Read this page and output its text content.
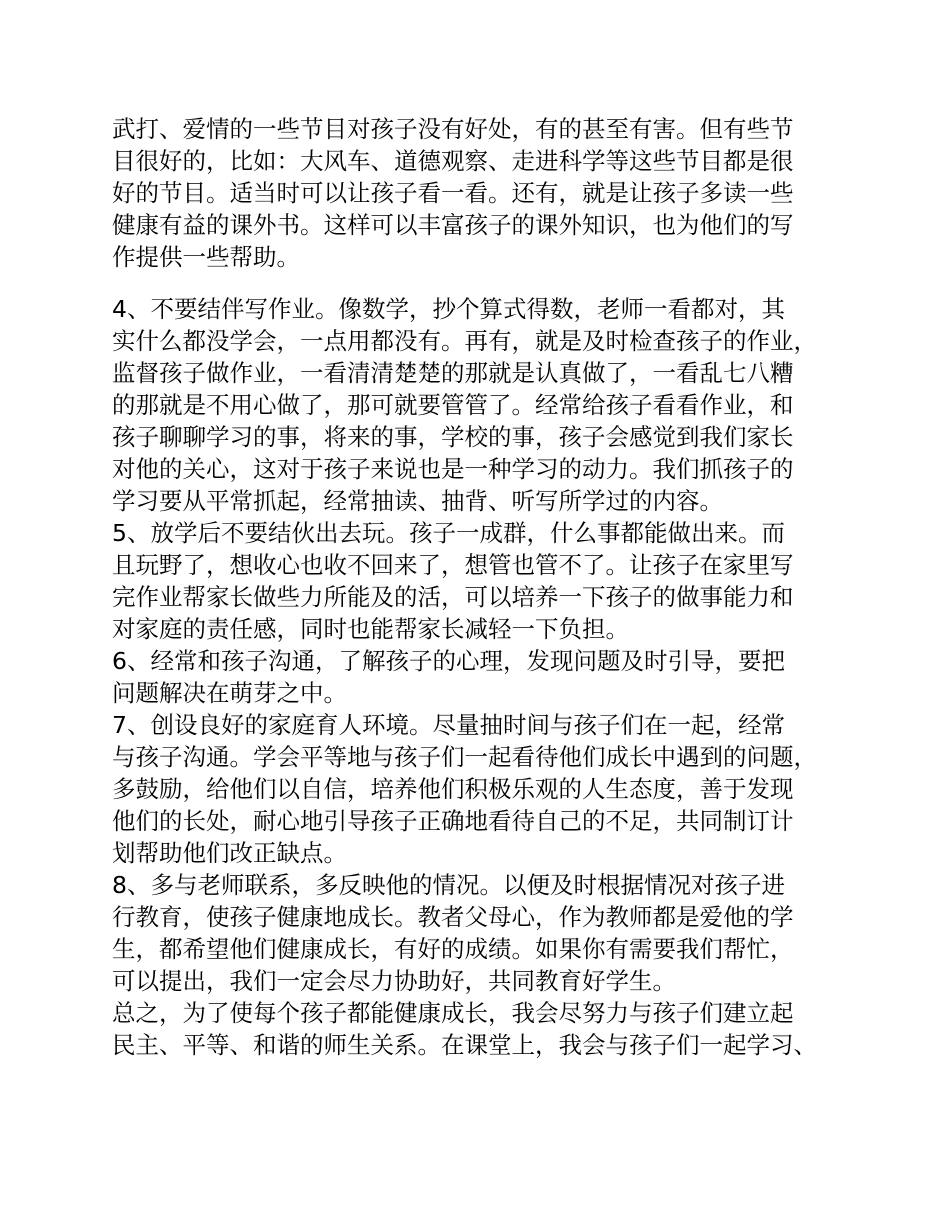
武打、爱情的一些节目对孩子没有好处，有的甚至有害。但有些节
目很好的，比如：大风车、道德观察、走进科学等这些节目都是很
好的节目。适当时可以让孩子看一看。还有，就是让孩子多读一些
健康有益的课外书。这样可以丰富孩子的课外知识，也为他们的写
作提供一些帮助。
4、不要结伴写作业。像数学，抄个算式得数，老师一看都对，其
实什么都没学会，一点用都没有。再有，就是及时检查孩子的作业，
监督孩子做作业，一看清清楚楚的那就是认真做了，一看乱七八糟
的那就是不用心做了，那可就要管管了。经常给孩子看看作业，和
孩子聊聊学习的事，将来的事，学校的事，孩子会感觉到我们家长
对他的关心，这对于孩子来说也是一种学习的动力。我们抓孩子的
学习要从平常抓起，经常抽读、抽背、听写所学过的内容。
5、放学后不要结伙出去玩。孩子一成群，什么事都能做出来。而
且玩野了，想收心也收不回来了，想管也管不了。让孩子在家里写
完作业帮家长做些力所能及的活，可以培养一下孩子的做事能力和
对家庭的责任感，同时也能帮家长减轻一下负担。
6、经常和孩子沟通，了解孩子的心理，发现问题及时引导，要把
问题解决在萌芽之中。
7、创设良好的家庭育人环境。尽量抽时间与孩子们在一起，经常
与孩子沟通。学会平等地与孩子们一起看待他们成长中遇到的问题，
多鼓励，给他们以自信，培养他们积极乐观的人生态度，善于发现
他们的长处，耐心地引导孩子正确地看待自己的不足，共同制订计
划帮助他们改正缺点。
8、多与老师联系，多反映他的情况。以便及时根据情况对孩子进
行教育，使孩子健康地成长。教者父母心，作为教师都是爱他的学
生，都希望他们健康成长，有好的成绩。如果你有需要我们帮忙，
可以提出，我们一定会尽力协助好，共同教育好学生。
总之，为了使每个孩子都能健康成长，我会尽努力与孩子们建立起
民主、平等、和谐的师生关系。在课堂上，我会与孩子们一起学习、
